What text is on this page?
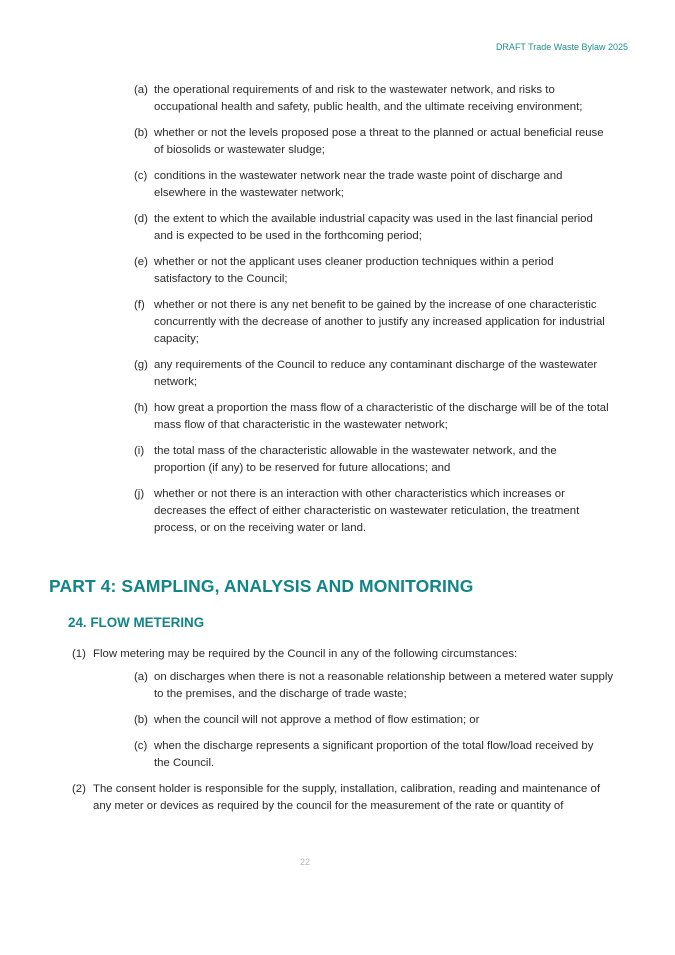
DRAFT Trade Waste Bylaw 2025
(a) the operational requirements of and risk to the wastewater network, and risks to
occupational health and safety, public health, and the ultimate receiving environment;
(b) whether or not the levels proposed pose a threat to the planned or actual beneficial reuse
of biosolids or wastewater sludge;
(c) conditions in the wastewater network near the trade waste point of discharge and
elsewhere in the wastewater network;
(d) the extent to which the available industrial capacity was used in the last financial period
and is expected to be used in the forthcoming period;
(e) whether or not the applicant uses cleaner production techniques within a period
satisfactory to the Council;
(f) whether or not there is any net benefit to be gained by the increase of one characteristic
concurrently with the decrease of another to justify any increased application for industrial
capacity;
(g) any requirements of the Council to reduce any contaminant discharge of the wastewater
network;
(h) how great a proportion the mass flow of a characteristic of the discharge will be of the total
mass flow of that characteristic in the wastewater network;
(i) the total mass of the characteristic allowable in the wastewater network, and the
proportion (if any) to be reserved for future allocations; and
(j) whether or not there is an interaction with other characteristics which increases or
decreases the effect of either characteristic on wastewater reticulation, the treatment
process, or on the receiving water or land.
PART 4: SAMPLING, ANALYSIS AND MONITORING
24. FLOW METERING
(1) Flow metering may be required by the Council in any of the following circumstances:
(a) on discharges when there is not a reasonable relationship between a metered water supply
to the premises, and the discharge of trade waste;
(b) when the council will not approve a method of flow estimation; or
(c) when the discharge represents a significant proportion of the total flow/load received by
the Council.
(2) The consent holder is responsible for the supply, installation, calibration, reading and maintenance of
any meter or devices as required by the council for the measurement of the rate or quantity of
22
